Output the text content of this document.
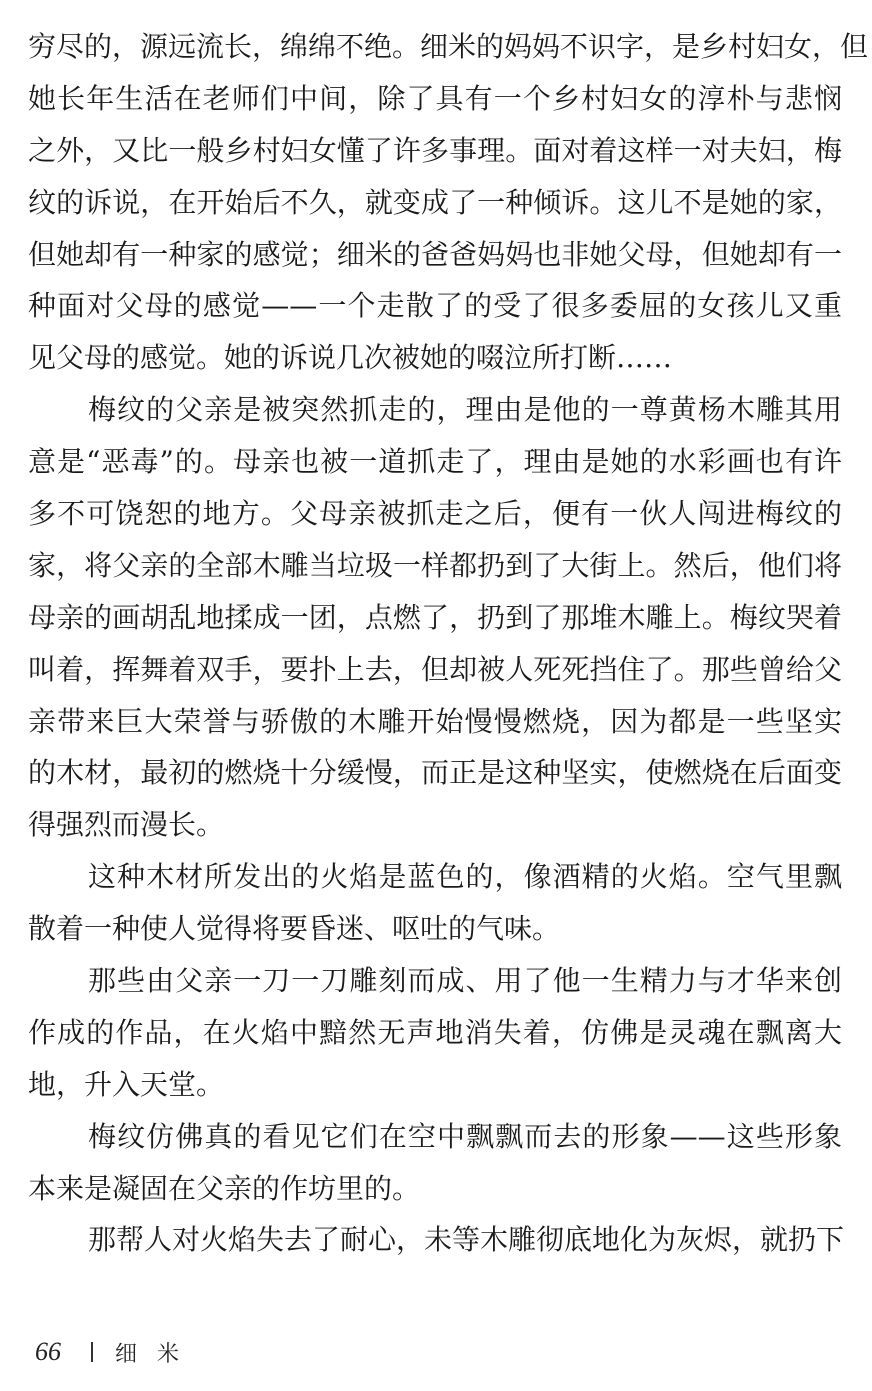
穷尽的，源远流长，绵绵不绝。细米的妈妈不识字，是乡村妇女，但
她长年生活在老师们中间，除了具有一个乡村妇女的淳朴与悲悯
之外，又比一般乡村妇女懂了许多事理。面对着这样一对夫妇，梅
纹的诉说，在开始后不久，就变成了一种倾诉。这儿不是她的家，
但她却有一种家的感觉；细米的爸爸妈妈也非她父母，但她却有一
种面对父母的感觉——一个走散了的受了很多委屈的女孩儿又重
见父母的感觉。她的诉说几次被她的啜泣所打断……
梅纹的父亲是被突然抓走的，理由是他的一尊黄杨木雕其用
意是“恶毒”的。母亲也被一道抓走了，理由是她的水彩画也有许
多不可饶恕的地方。父母亲被抓走之后，便有一伙人闯进梅纹的
家，将父亲的全部木雕当垃圾一样都扔到了大街上。然后，他们将
母亲的画胡乱地揉成一团，点燃了，扔到了那堆木雕上。梅纹哭着
叫着，挥舞着双手，要扑上去，但却被人死死挡住了。那些曾给父
亲带来巨大荣誉与骄傲的木雕开始慢慢燃烧，因为都是一些坚实
的木材，最初的燃烧十分缓慢，而正是这种坚实，使燃烧在后面变
得强烈而漫长。
这种木材所发出的火焰是蓝色的，像酒精的火焰。空气里飘
散着一种使人觉得将要昏迷、呕吐的气味。
那些由父亲一刀一刀雕刻而成、用了他一生精力与才华来创
作成的作品，在火焰中黯然无声地消失着，仿佛是灵魂在飘离大
地，升入天堂。
梅纹仿佛真的看见它们在空中飘飘而去的形象——这些形象
本来是凝固在父亲的作坊里的。
那帮人对火焰失去了耐心，未等木雕彻底地化为灰烬，就扔下
66	细米
